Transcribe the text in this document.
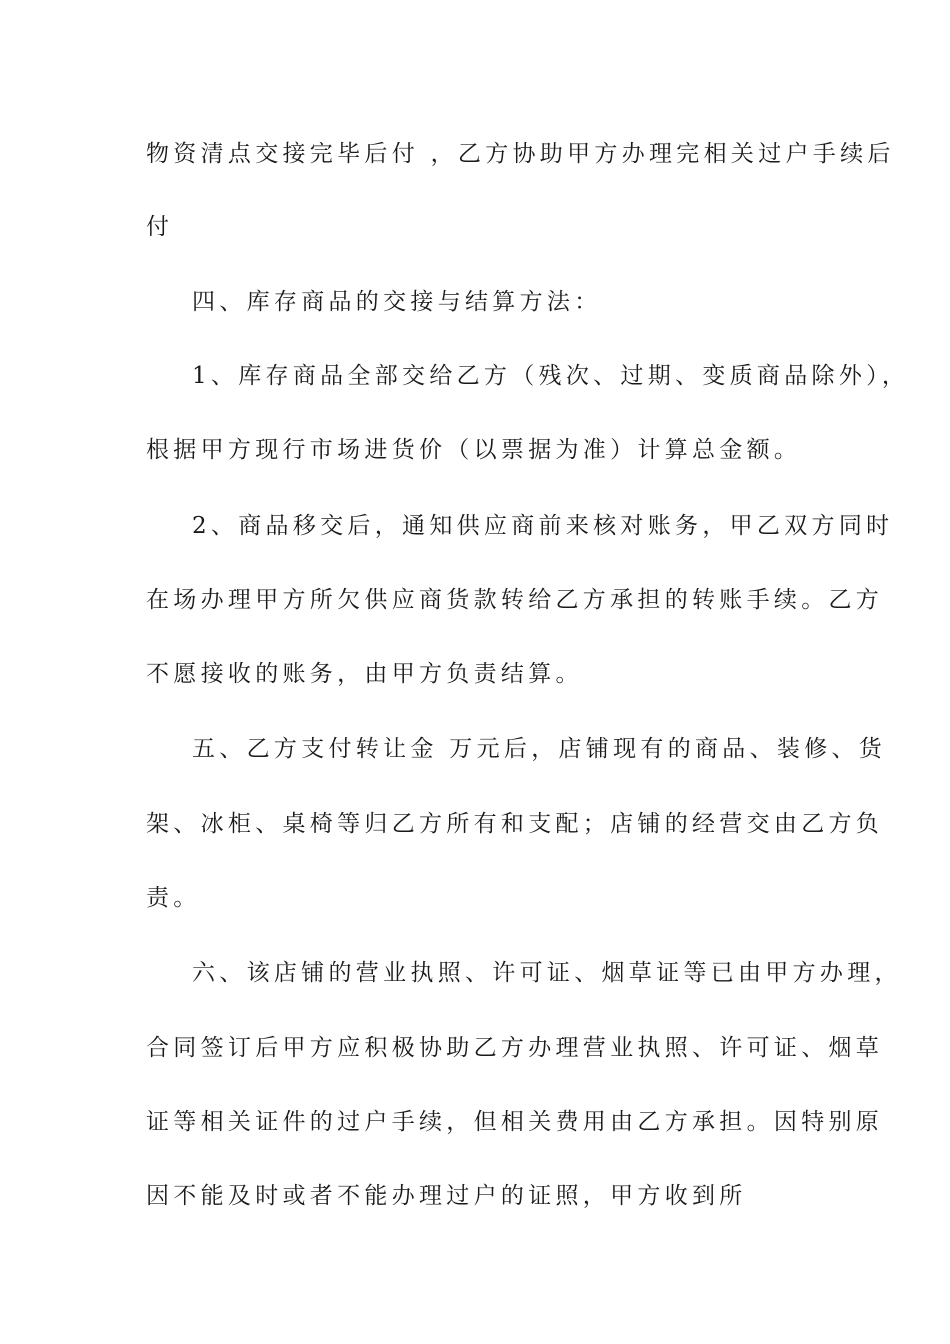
物资清点交接完毕后付 ，乙方协助甲方办理完相关过户手续后
付
四、库存商品的交接与结算方法：
1、库存商品全部交给乙方（残次、过期、变质商品除外），
根据甲方现行市场进货价（以票据为准）计算总金额。
2、商品移交后，通知供应商前来核对账务，甲乙双方同时
在场办理甲方所欠供应商货款转给乙方承担的转账手续。乙方
不愿接收的账务，由甲方负责结算。
五、乙方支付转让金 万元后，店铺现有的商品、装修、货
架、冰柜、桌椅等归乙方所有和支配；店铺的经营交由乙方负
责。
六、该店铺的营业执照、许可证、烟草证等已由甲方办理，
合同签订后甲方应积极协助乙方办理营业执照、许可证、烟草
证等相关证件的过户手续，但相关费用由乙方承担。因特别原
因不能及时或者不能办理过户的证照，甲方收到所
